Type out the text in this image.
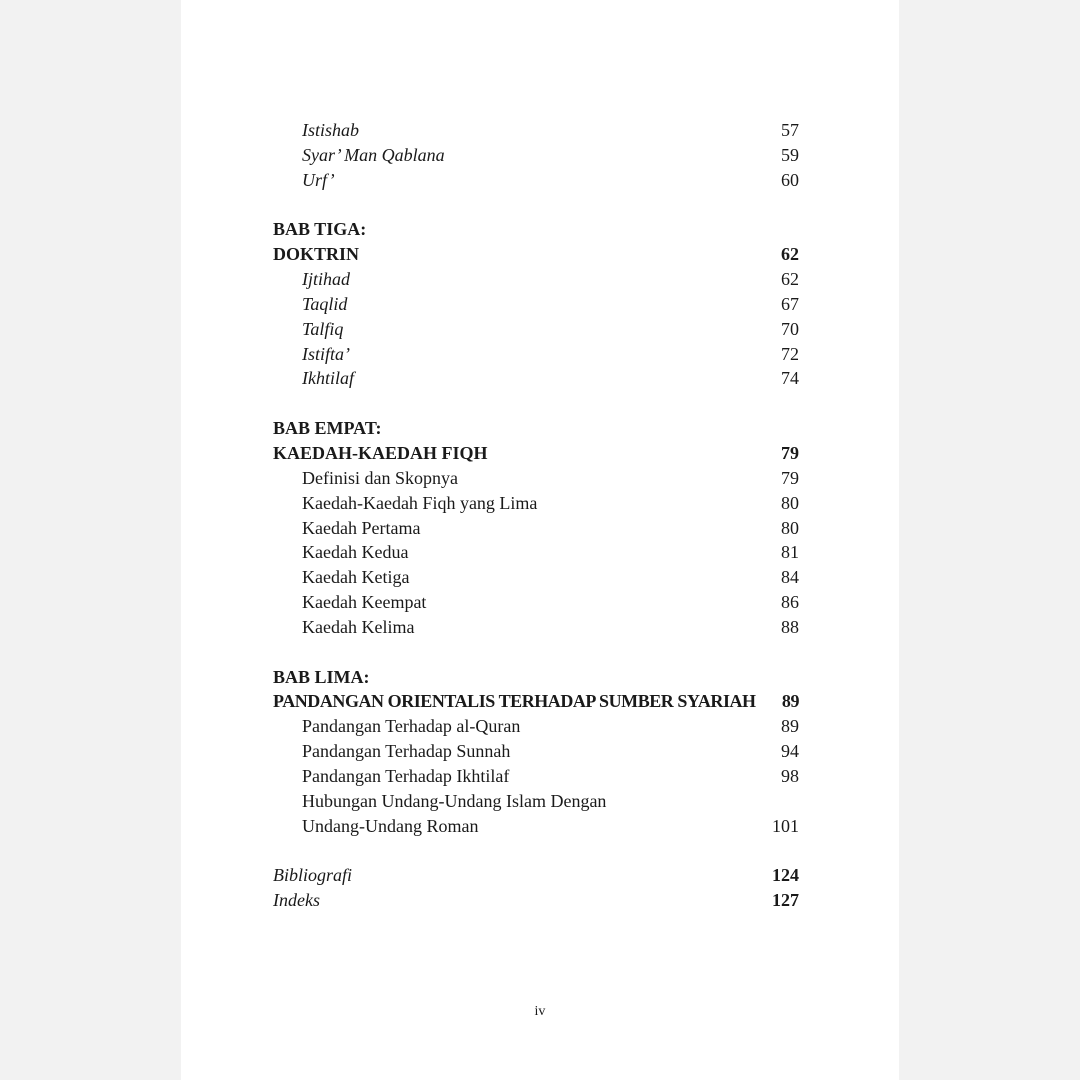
Istishab	57
Syar’ Man Qablana	59
Urf’	60
BAB TIGA:
DOKTRIN	62
Ijtihad	62
Taqlid	67
Talfiq	70
Istifta’	72
Ikhtilaf	74
BAB EMPAT:
KAEDAH-KAEDAH FIQH	79
Definisi dan Skopnya	79
Kaedah-Kaedah Fiqh yang Lima	80
Kaedah Pertama	80
Kaedah Kedua	81
Kaedah Ketiga	84
Kaedah Keempat	86
Kaedah Kelima	88
BAB LIMA:
PANDANGAN ORIENTALIS TERHADAP SUMBER SYARIAH 89
Pandangan Terhadap al-Quran	89
Pandangan Terhadap Sunnah	94
Pandangan Terhadap Ikhtilaf	98
Hubungan Undang-Undang Islam Dengan
Undang-Undang Roman	101
Bibliografi	124
Indeks	127
iv
